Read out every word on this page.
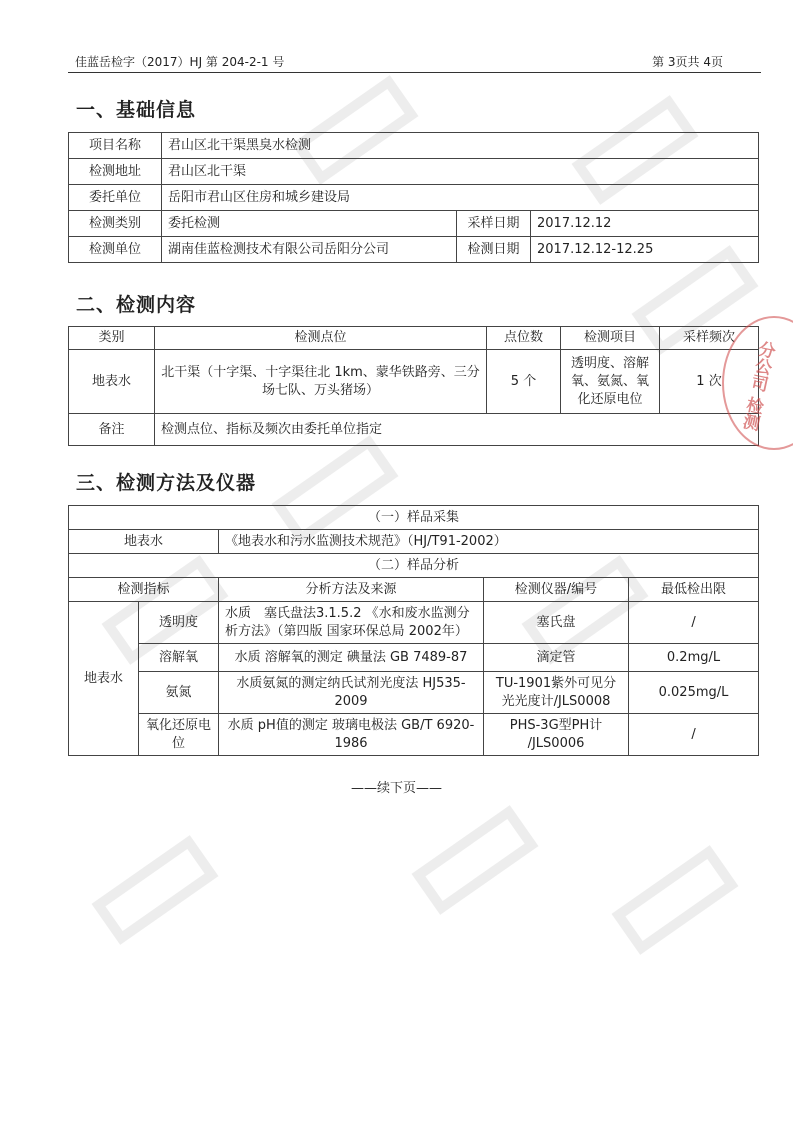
佳蓝岳检字（2017）HJ 第 204-2-1 号	第 3页共 4页
一、基础信息
项目名称	君山区北干渠黑臭水检测		
检测地址	君山区北干渠		
委托单位	岳阳市君山区住房和城乡建设局		
检测类别	委托检测	采样日期	2017.12.12
检测单位	湖南佳蓝检测技术有限公司岳阳分公司	检测日期	2017.12.12-12.25
二、检测内容
类别	检测点位	点位数	检测项目	采样频次
地表水	北干渠（十字渠、十字渠往北 1km、蒙华铁路旁、三分场七队、万头猪场）	5 个	透明度、溶解氧、氨氮、氧化还原电位	1 次
备注	检测点位、指标及频次由委托单位指定			
三、检测方法及仪器
（一）样品采集				
地表水		《地表水和污水监测技术规范》（HJ/T91-2002）		
（二）样品分析				
检测指标		分析方法及来源	检测仪器/编号	最低检出限
地表水	透明度	水质　塞氏盘法3.1.5.2 《水和废水监测分析方法》（第四版 国家环保总局 2002年）	塞氏盘	/
	溶解氧	水质 溶解氧的测定 碘量法 GB 7489-87	滴定管	0.2mg/L
	氨氮	水质氨氮的测定纳氏试剂光度法 HJ535-2009	TU-1901紫外可见分光光度计/JLS0008	0.025mg/L
	氧化还原电位	水质 pH值的测定 玻璃电极法 GB/T 6920-1986	PHS-3G型PH计 /JLS0006	/
——续下页——
分公司 检测
